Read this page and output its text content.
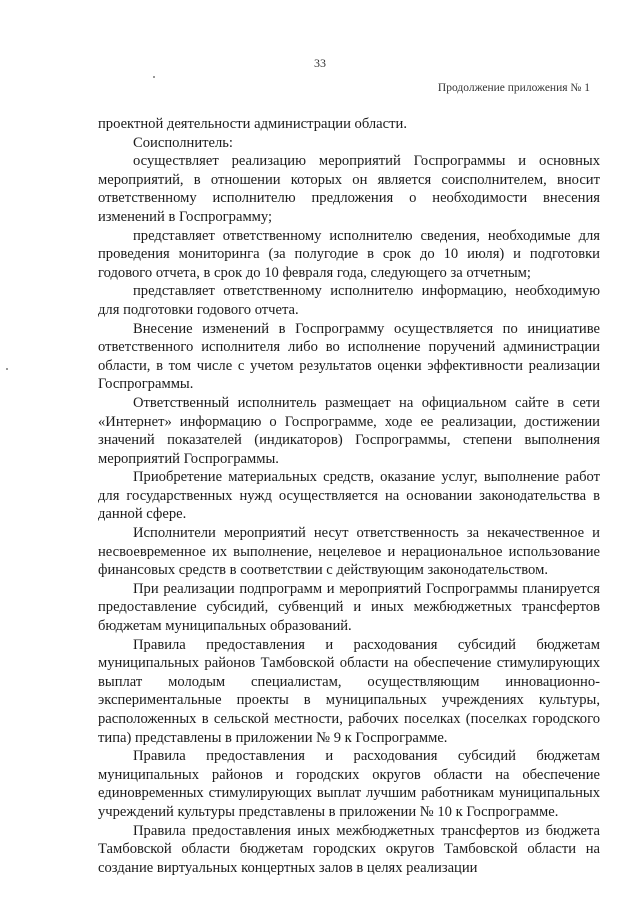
33
Продолжение приложения № 1

проектной деятельности администрации области.

Соисполнитель:

осуществляет реализацию мероприятий Госпрограммы и основных мероприятий, в отношении которых он является соисполнителем, вносит ответственному исполнителю предложения о необходимости внесения изменений в Госпрограмму;

представляет ответственному исполнителю сведения, необходимые для проведения мониторинга (за полугодие в срок до 10 июля) и подготовки годового отчета, в срок до 10 февраля года, следующего за отчетным;

представляет ответственному исполнителю информацию, необходимую для подготовки годового отчета.

Внесение изменений в Госпрограмму осуществляется по инициативе ответственного исполнителя либо во исполнение поручений администрации области, в том числе с учетом результатов оценки эффективности реализации Госпрограммы.

Ответственный исполнитель размещает на официальном сайте в сети «Интернет» информацию о Госпрограмме, ходе ее реализации, достижении значений показателей (индикаторов) Госпрограммы, степени выполнения мероприятий Госпрограммы.

Приобретение материальных средств, оказание услуг, выполнение работ для государственных нужд осуществляется на основании законодательства в данной сфере.

Исполнители мероприятий несут ответственность за некачественное и несвоевременное их выполнение, нецелевое и нерациональное использование финансовых средств в соответствии с действующим законодательством.

При реализации подпрограмм и мероприятий Госпрограммы планируется предоставление субсидий, субвенций и иных межбюджетных трансфертов бюджетам муниципальных образований.

Правила предоставления и расходования субсидий бюджетам муниципальных районов Тамбовской области на обеспечение стимулирующих выплат молодым специалистам, осуществляющим инновационно-экспериментальные проекты в муниципальных учреждениях культуры, расположенных в сельской местности, рабочих поселках (поселках городского типа) представлены в приложении № 9 к Госпрограмме.

Правила предоставления и расходования субсидий бюджетам муниципальных районов и городских округов области на обеспечение единовременных стимулирующих выплат лучшим работникам муниципальных учреждений культуры представлены в приложении № 10 к Госпрограмме.

Правила предоставления иных межбюджетных трансфертов из бюджета Тамбовской области бюджетам городских округов Тамбовской области на создание виртуальных концертных залов в целях реализации
